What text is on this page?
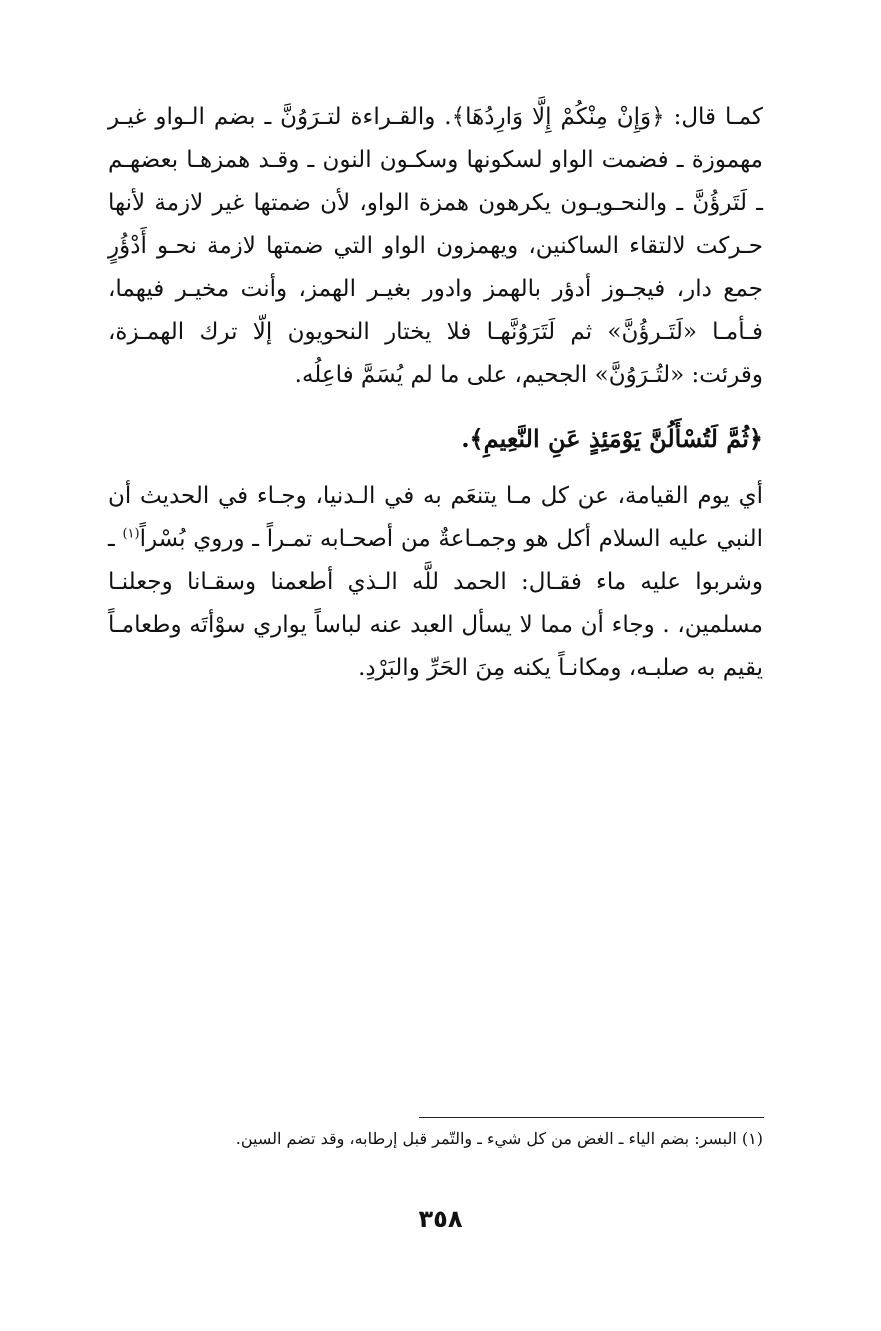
كمـا قال: ﴿وَإِنْ مِنْكُمْ إِلَّا وَارِدُهَا﴾. والقـراءة لتـرَوُنَّ ـ بضم الـواو غيـر مهموزة ـ فضمت الواو لسكونها وسكـون النون ـ وقـد همزهـا بعضهـم ـ لَتَرؤُنَّ ـ والنحـويـون يكرهون همزة الواو، لأن ضمتها غير لازمة لأنها حـركت لالتقاء الساكنين، ويهمزون الواو التي ضمتها لازمة نحـو أَدْؤُرٍ جمع دار، فيجـوز أدؤر بالهمز وادور بغيـر الهمز، وأنت مخيـر فيهما، فـأمـا «لَتَـرؤُنَّ» ثم لَتَرَوُنَّهـا فلا يختار النحويون إلّا ترك الهمـزة، وقرئت: «لتُـرَوُنَّ» الجحيم، على ما لم يُسَمَّ فاعِلُه.

﴿ثُمَّ لَتُسْأَلُنَّ يَوْمَئِذٍ عَنِ النَّعِيمِ﴾.

أي يوم القيامة، عن كل مـا يتنعَم به في الـدنيا، وجـاء في الحديث أن النبي عليه السلام أكل هو وجمـاعةٌ من أصحـابه تمـراً ـ وروي بُسْراً$^{(١)}$ ـ وشربوا عليه ماء فقـال: الحمد للَّه الـذي أطعمنا وسقـانا وجعلنـا مسلمين، . وجاء أن مما لا يسأل العبد عنه لباساً يواري سوْأتَه وطعامـاً يقيم به صلبـه، ومكانـاً يكنه مِنَ الحَرِّ والبَرْدِ.

(١) البسر: بضم الياء ـ الغض من كل شيء ـ والتّمر قبل إرطابه، وقد تضم السين.
٣٥٨
